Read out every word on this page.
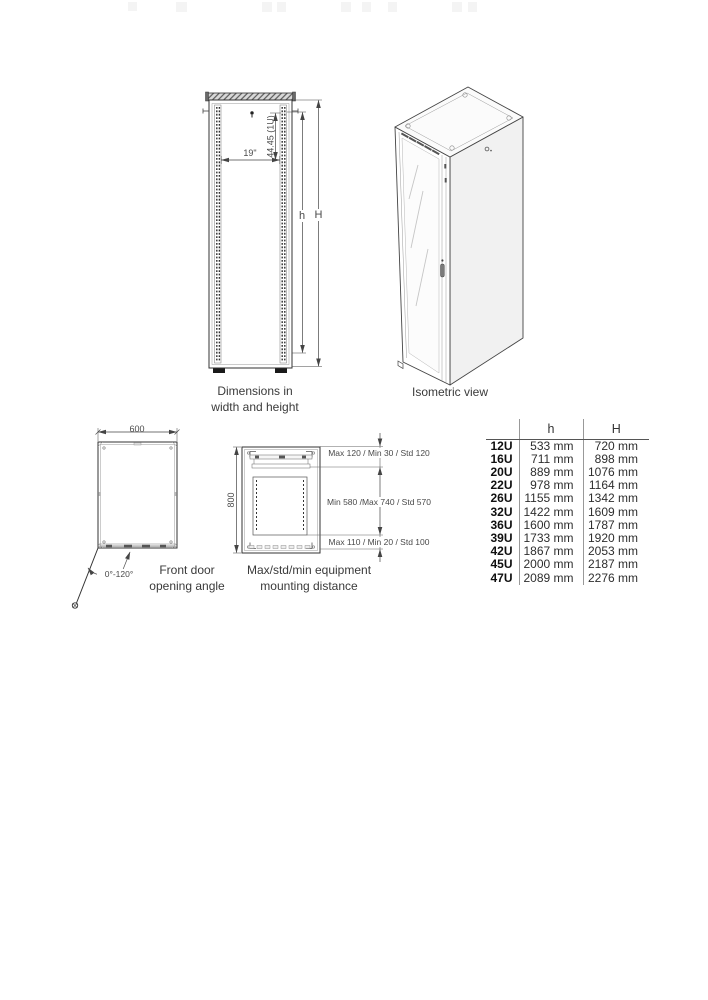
19" 44.45 (1U)
h H
Dimensions in
width and height
Isometric view
600
0°-120°	Front door
opening angle
800
Max 120 / Min 30 / Std 120
Min 580 /Max 740 / Std 570
Max 110 / Min 20 / Std 100
Max/std/min equipment
mounting distance
	h	H
12U	533 mm	720 mm
16U	711 mm	898 mm
20U	889 mm	1076 mm
22U	978 mm	1164 mm
26U	1155 mm	1342 mm
32U	1422 mm	1609 mm
36U	1600 mm	1787 mm
39U	1733 mm	1920 mm
42U	1867 mm	2053 mm
45U	2000 mm	2187 mm
47U	2089 mm	2276 mm
